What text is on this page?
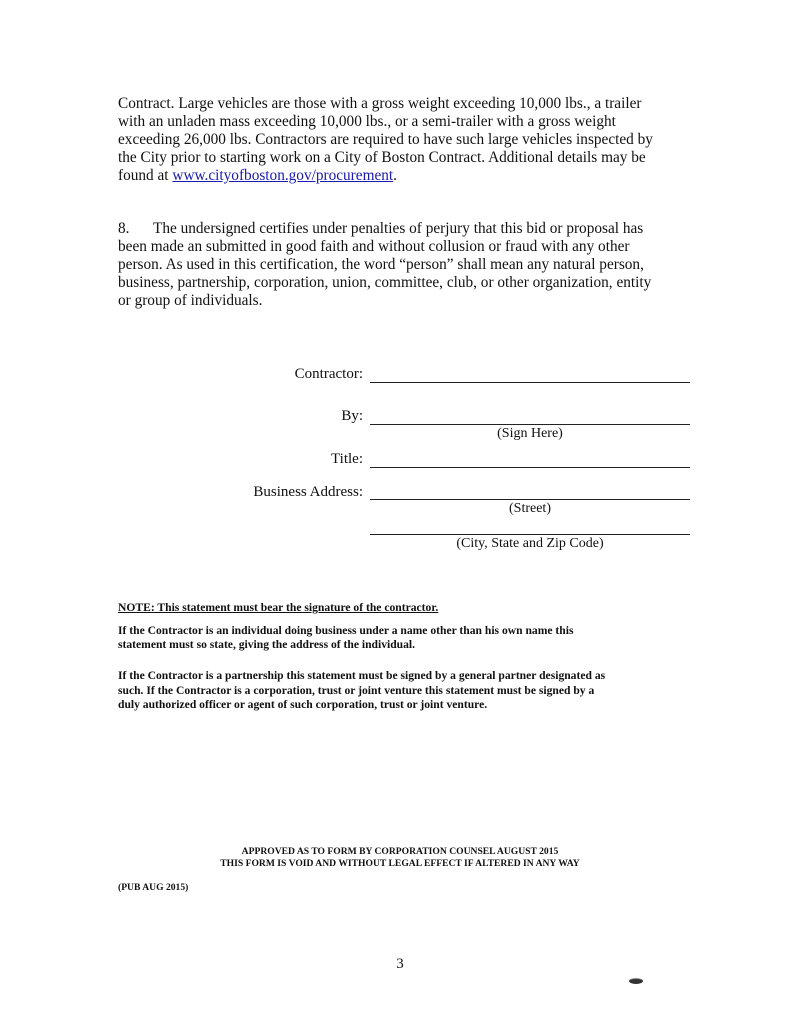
Contract. Large vehicles are those with a gross weight exceeding 10,000 lbs., a trailer
with an unladen mass exceeding 10,000 lbs., or a semi-trailer with a gross weight
exceeding 26,000 lbs. Contractors are required to have such large vehicles inspected by
the City prior to starting work on a City of Boston Contract. Additional details may be
found at www.cityofboston.gov/procurement.
8. The undersigned certifies under penalties of perjury that this bid or proposal has
been made an submitted in good faith and without collusion or fraud with any other
person. As used in this certification, the word “person” shall mean any natural person,
business, partnership, corporation, union, committee, club, or other organization, entity
or group of individuals.
Contractor:
By:
(Sign Here)
Title:
Business Address:
(Street)
(City, State and Zip Code)
NOTE: This statement must bear the signature of the contractor.
If the Contractor is an individual doing business under a name other than his own name this
statement must so state, giving the address of the individual.
If the Contractor is a partnership this statement must be signed by a general partner designated as
such. If the Contractor is a corporation, trust or joint venture this statement must be signed by a
duly authorized officer or agent of such corporation, trust or joint venture.
APPROVED AS TO FORM BY CORPORATION COUNSEL AUGUST 2015
THIS FORM IS VOID AND WITHOUT LEGAL EFFECT IF ALTERED IN ANY WAY
(PUB AUG 2015)
3
